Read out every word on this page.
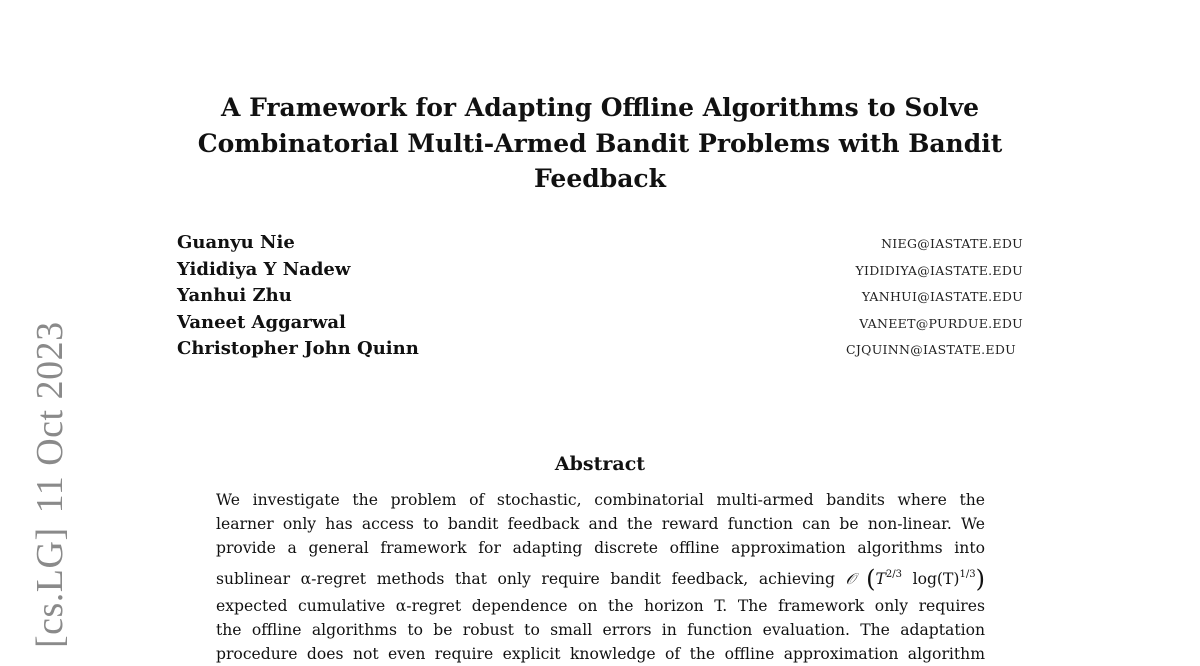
[cs.LG]11 Oct 2023
A Framework for Adapting Offline Algorithms to Solve
Combinatorial Multi-Armed Bandit Problems with Bandit
Feedback
Guanyu Nie	NIEG@IASTATE.EDU
Yididiya Y Nadew	YIDIDIYA@IASTATE.EDU
Yanhui Zhu	YANHUI@IASTATE.EDU
Vaneet Aggarwal	VANEET@PURDUE.EDU
Christopher John Quinn	CJQUINN@IASTATE.EDU
Abstract
We investigate the problem of stochastic, combinatorial multi-armed bandits where the
learner only has access to bandit feedback and the reward function can be non-linear. We
provide a general framework for adapting discrete offline approximation algorithms into
sublinear α-regret methods that only require bandit feedback, achieving 𝒪 ($T^{2/3}$ $\log(T)^{1/3}$)
expected cumulative α-regret dependence on the horizon T. The framework only requires
the offline algorithms to be robust to small errors in function evaluation. The adaptation
procedure does not even require explicit knowledge of the offline approximation algorithm
